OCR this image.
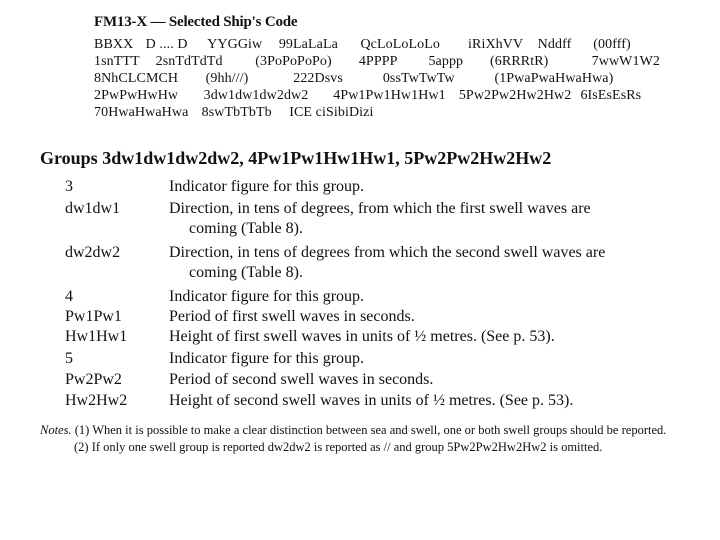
FM13-X — Selected Ship's Code
BBXX D .... D YYGGiw 99LaLaLa QcLoLoLoLo iRiXhVV Nddff (00fff)
1snTTT 2snTdTdTd (3PoPoPoPo) 4PPPP 5appp (6RRRtR)	7wwW1W2
8NhCLCMCH (9hh///)	222Dsvs	0ssTwTwTw	(1PwaPwaHwaHwa)
2PwPwHwHw 3dw1dw1dw2dw2 4Pw1Pw1Hw1Hw1 5Pw2Pw2Hw2Hw2 6IsEsEsRs
70HwaHwaHwa 8swTbTbTb ICE ciSibiDizi
Groups 3dw1dw1dw2dw2, 4Pw1Pw1Hw1Hw1, 5Pw2Pw2Hw2Hw2
3	Indicator figure for this group.
dw1dw1	Direction, in tens of degrees, from which the first swell waves are
coming (Table 8).
dw2dw2	Direction, in tens of degrees from which the second swell waves are
coming (Table 8).
4	Indicator figure for this group.
Pw1Pw1	Period of first swell waves in seconds.
Hw1Hw1	Height of first swell waves in units of ½ metres. (See p. 53).
5	Indicator figure for this group.
Pw2Pw2	Period of second swell waves in seconds.
Hw2Hw2	Height of second swell waves in units of ½ metres. (See p. 53).

Notes. (1) When it is possible to make a clear distinction between sea and swell, one or both swell groups should be reported.

(2) If only one swell group is reported dw2dw2 is reported as // and group 5Pw2Pw2Hw2Hw2 is omitted.
